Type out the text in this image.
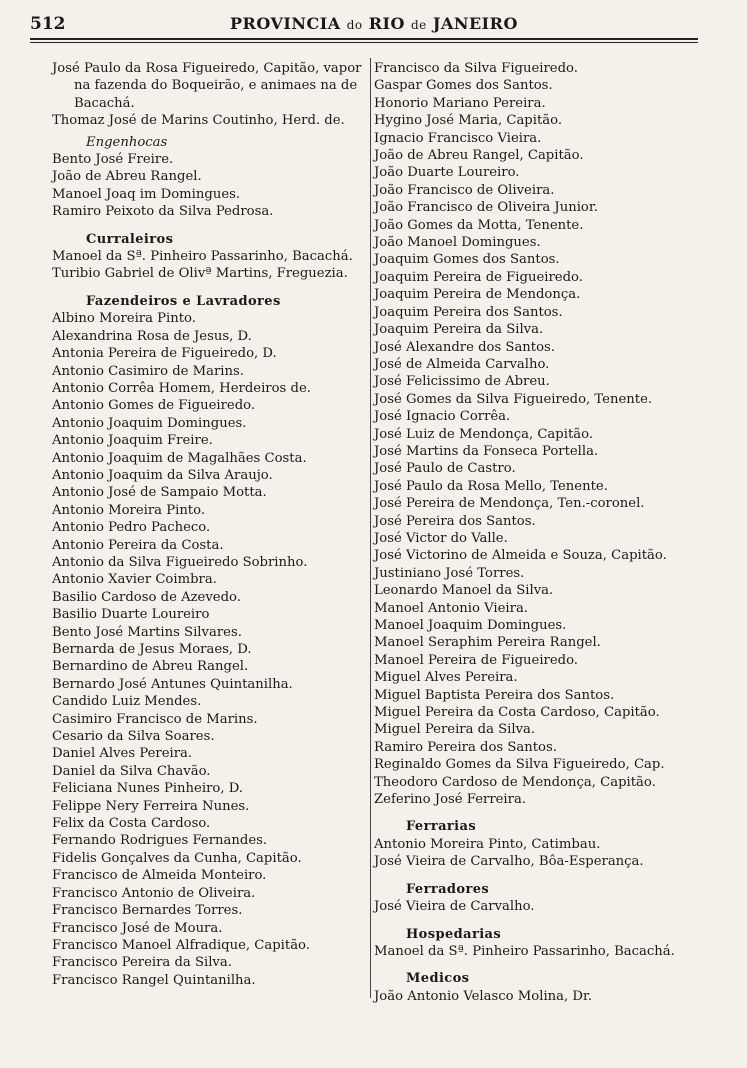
512	PROVINCIA do RIO de JANEIRO
José Paulo da Rosa Figueiredo, Capitão, vapor na fazenda do Boqueirão, e animaes na de Bacachá.
Thomaz José de Marins Coutinho, Herd. de.
Engenhocas
Bento José Freire.
João de Abreu Rangel.
Manoel Joaq im Domingues.
Ramiro Peixoto da Silva Pedrosa.
Curraleiros
Manoel da Sª. Pinheiro Passarinho, Bacachá.
Turibio Gabriel de Olivª Martins, Freguezia.
Fazendeiros e Lavradores
Albino Moreira Pinto.
Alexandrina Rosa de Jesus, D.
Antonia Pereira de Figueiredo, D.
Antonio Casimiro de Marins.
Antonio Corrêa Homem, Herdeiros de.
Antonio Gomes de Figueiredo.
Antonio Joaquim Domingues.
Antonio Joaquim Freire.
Antonio Joaquim de Magalhães Costa.
Antonio Joaquim da Silva Araujo.
Antonio José de Sampaio Motta.
Antonio Moreira Pinto.
Antonio Pedro Pacheco.
Antonio Pereira da Costa.
Antonio da Silva Figueiredo Sobrinho.
Antonio Xavier Coimbra.
Basilio Cardoso de Azevedo.
Basilio Duarte Loureiro
Bento José Martins Silvares.
Bernarda de Jesus Moraes, D.
Bernardino de Abreu Rangel.
Bernardo José Antunes Quintanilha.
Candido Luiz Mendes.
Casimiro Francisco de Marins.
Cesario da Silva Soares.
Daniel Alves Pereira.
Daniel da Silva Chavão.
Feliciana Nunes Pinheiro, D.
Felippe Nery Ferreira Nunes.
Felix da Costa Cardoso.
Fernando Rodrigues Fernandes.
Fidelis Gonçalves da Cunha, Capitão.
Francisco de Almeida Monteiro.
Francisco Antonio de Oliveira.
Francisco Bernardes Torres.
Francisco José de Moura.
Francisco Manoel Alfradique, Capitão.
Francisco Pereira da Silva.
Francisco Rangel Quintanilha.
Francisco da Silva Figueiredo.
Gaspar Gomes dos Santos.
Honorio Mariano Pereira.
Hygino José Maria, Capitão.
Ignacio Francisco Vieira.
João de Abreu Rangel, Capitão.
João Duarte Loureiro.
João Francisco de Oliveira.
João Francisco de Oliveira Junior.
João Gomes da Motta, Tenente.
João Manoel Domingues.
Joaquim Gomes dos Santos.
Joaquim Pereira de Figueiredo.
Joaquim Pereira de Mendonça.
Joaquim Pereira dos Santos.
Joaquim Pereira da Silva.
José Alexandre dos Santos.
José de Almeida Carvalho.
José Felicissimo de Abreu.
José Gomes da Silva Figueiredo, Tenente.
José Ignacio Corrêa.
José Luiz de Mendonça, Capitão.
José Martins da Fonseca Portella.
José Paulo de Castro.
José Paulo da Rosa Mello, Tenente.
José Pereira de Mendonça, Ten.-coronel.
José Pereira dos Santos.
José Victor do Valle.
José Victorino de Almeida e Souza, Capitão.
Justiniano José Torres.
Leonardo Manoel da Silva.
Manoel Antonio Vieira.
Manoel Joaquim Domingues.
Manoel Seraphim Pereira Rangel.
Manoel Pereira de Figueiredo.
Miguel Alves Pereira.
Miguel Baptista Pereira dos Santos.
Miguel Pereira da Costa Cardoso, Capitão.
Miguel Pereira da Silva.
Ramiro Pereira dos Santos.
Reginaldo Gomes da Silva Figueiredo, Cap.
Theodoro Cardoso de Mendonça, Capitão.
Zeferino José Ferreira.
Ferrarias
Antonio Moreira Pinto, Catimbau.
José Vieira de Carvalho, Bôa-Esperança.
Ferradores
José Vieira de Carvalho.
Hospedarias
Manoel da Sª. Pinheiro Passarinho, Bacachá.
Medicos
João Antonio Velasco Molina, Dr.
